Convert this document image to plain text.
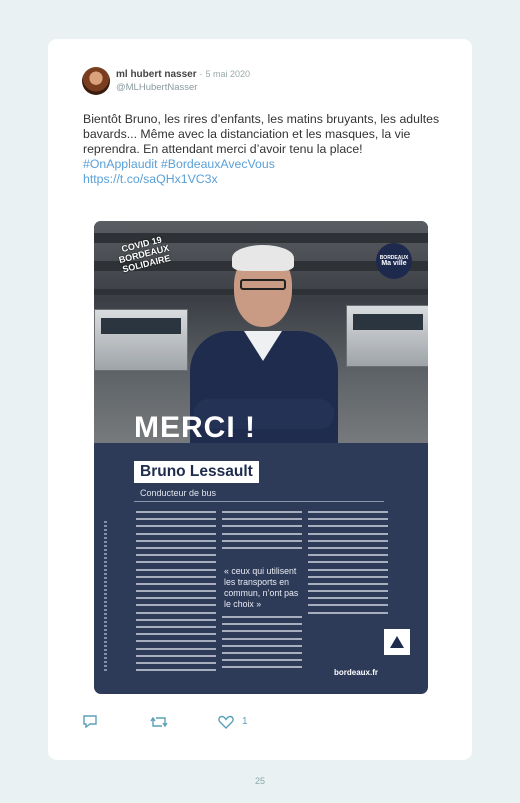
ml hubert nasser · 5 mai 2020
@MLHubertNasser
Bientôt Bruno, les rires d’enfants, les matins bruyants, les adultes bavards... Même avec la distanciation et les masques, la vie reprendra. En attendant merci d’avoir tenu la place!
#OnApplaudit #BordeauxAvecVous
https://t.co/saQHx1VC3x
COVID 19 BORDEAUX SOLIDAIRE	BORDEAUX
Ma ville
MERCI !
Bruno Lessault
Conducteur de bus
« ceux qui utilisent les transports en commun, n’ont pas le choix »
bordeaux.fr
1
25
